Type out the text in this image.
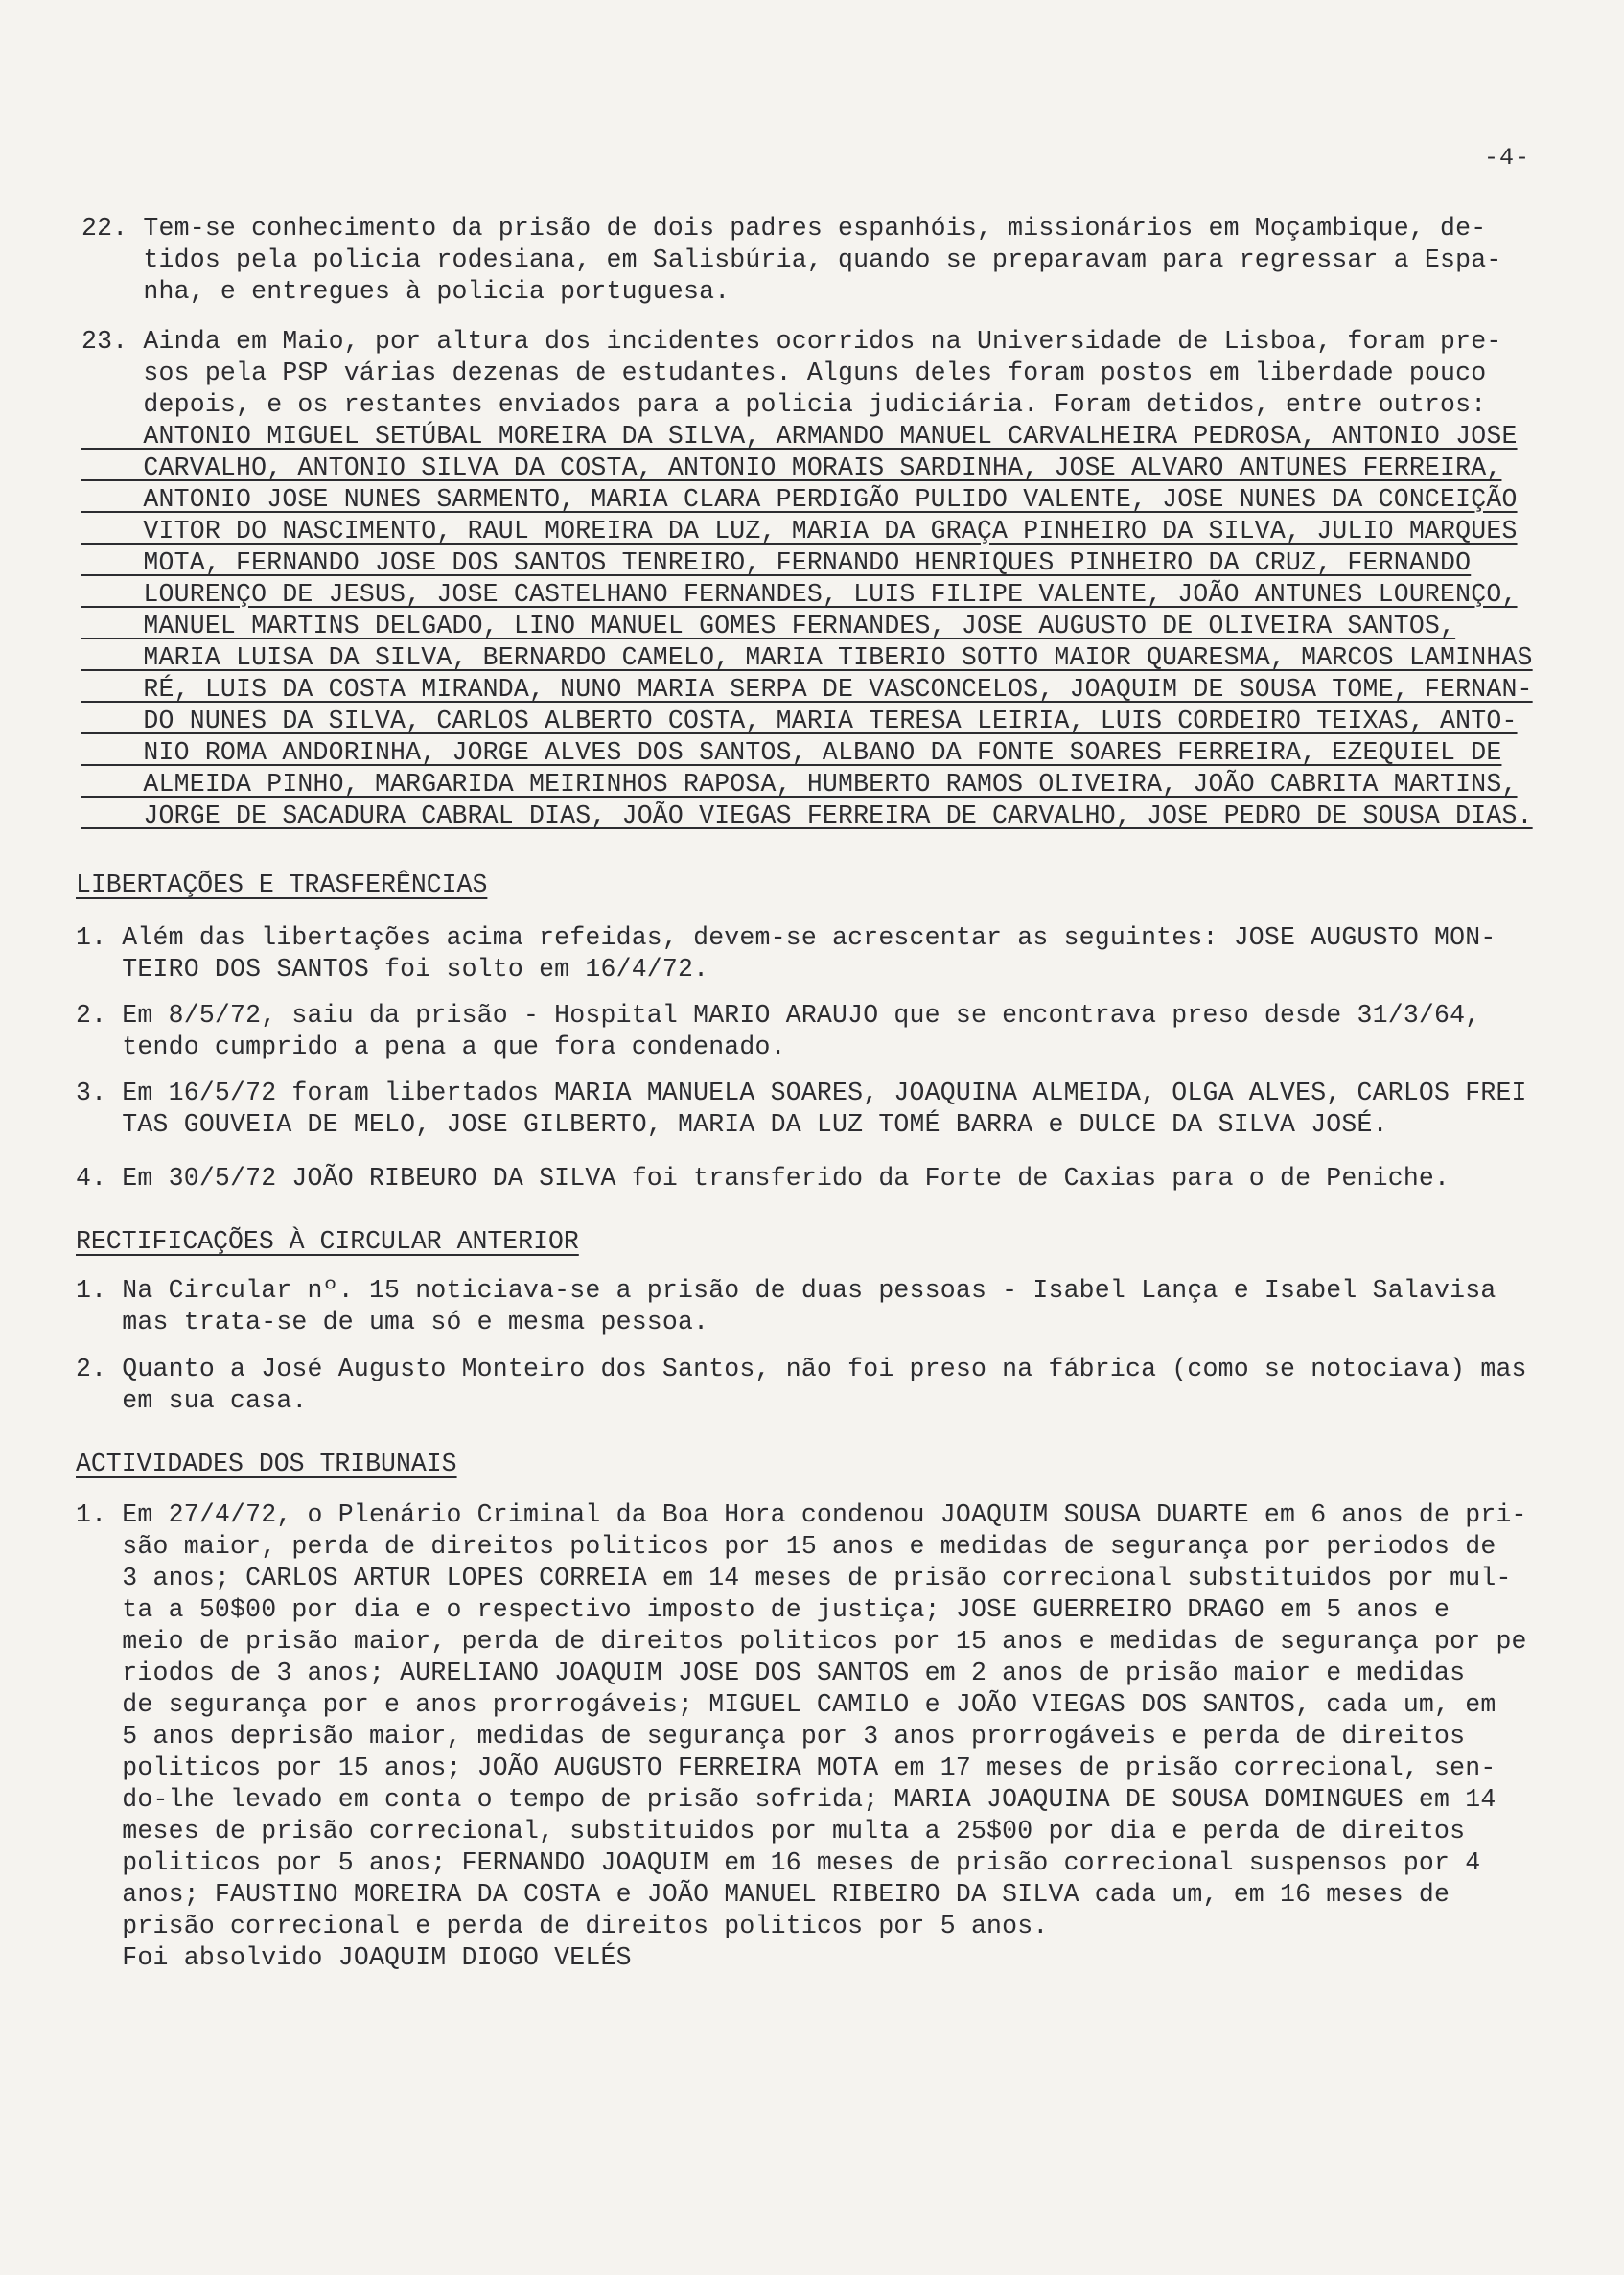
-4-
22. Tem-se conhecimento da prisão de dois padres espanhóis, missionários em Moçambique, de-
tidos pela policia rodesiana, em Salisbúria, quando se preparavam para regressar a Espa-
nha, e entregues à policia portuguesa.
23. Ainda em Maio, por altura dos incidentes ocorridos na Universidade de Lisboa, foram pre-
sos pela PSP várias dezenas de estudantes. Alguns deles foram postos em liberdade pouco
depois, e os restantes enviados para a policia judiciária. Foram detidos, entre outros:
ANTONIO MIGUEL SETÚBAL MOREIRA DA SILVA, ARMANDO MANUEL CARVALHEIRA PEDROSA, ANTONIO JOSE
CARVALHO, ANTONIO SILVA DA COSTA, ANTONIO MORAIS SARDINHA, JOSE ALVARO ANTUNES FERREIRA,
ANTONIO JOSE NUNES SARMENTO, MARIA CLARA PERDIGÃO PULIDO VALENTE, JOSE NUNES DA CONCEIÇÃO
VITOR DO NASCIMENTO, RAUL MOREIRA DA LUZ, MARIA DA GRAÇA PINHEIRO DA SILVA, JULIO MARQUES
MOTA, FERNANDO JOSE DOS SANTOS TENREIRO, FERNANDO HENRIQUES PINHEIRO DA CRUZ, FERNANDO
LOURENÇO DE JESUS, JOSE CASTELHANO FERNANDES, LUIS FILIPE VALENTE, JOÃO ANTUNES LOURENÇO,
MANUEL MARTINS DELGADO, LINO MANUEL GOMES FERNANDES, JOSE AUGUSTO DE OLIVEIRA SANTOS,
MARIA LUISA DA SILVA, BERNARDO CAMELO, MARIA TIBERIO SOTTO MAIOR QUARESMA, MARCOS LAMINHAS
RÉ, LUIS DA COSTA MIRANDA, NUNO MARIA SERPA DE VASCONCELOS, JOAQUIM DE SOUSA TOME, FERNAN-
DO NUNES DA SILVA, CARLOS ALBERTO COSTA, MARIA TERESA LEIRIA, LUIS CORDEIRO TEIXAS, ANTO-
NIO ROMA ANDORINHA, JORGE ALVES DOS SANTOS, ALBANO DA FONTE SOARES FERREIRA, EZEQUIEL DE
ALMEIDA PINHO, MARGARIDA MEIRINHOS RAPOSA, HUMBERTO RAMOS OLIVEIRA, JOÃO CABRITA MARTINS,
JORGE DE SACADURA CABRAL DIAS, JOÃO VIEGAS FERREIRA DE CARVALHO, JOSE PEDRO DE SOUSA DIAS.
LIBERTAÇÕES E TRASFERÊNCIAS
1. Além das libertações acima refeidas, devem-se acrescentar as seguintes: JOSE AUGUSTO MON-
TEIRO DOS SANTOS foi solto em 16/4/72.
2. Em 8/5/72, saiu da prisão - Hospital MARIO ARAUJO que se encontrava preso desde 31/3/64,
tendo cumprido a pena a que fora condenado.
3. Em 16/5/72 foram libertados MARIA MANUELA SOARES, JOAQUINA ALMEIDA, OLGA ALVES, CARLOS FREI
TAS GOUVEIA DE MELO, JOSE GILBERTO, MARIA DA LUZ TOMÉ BARRA e DULCE DA SILVA JOSÉ.
4. Em 30/5/72 JOÃO RIBEURO DA SILVA foi transferido da Forte de Caxias para o de Peniche.
RECTIFICAÇÕES À CIRCULAR ANTERIOR
1. Na Circular nº. 15 noticiava-se a prisão de duas pessoas - Isabel Lança e Isabel Salavisa
mas trata-se de uma só e mesma pessoa.
2. Quanto a José Augusto Monteiro dos Santos, não foi preso na fábrica (como se notociava) mas
em sua casa.
ACTIVIDADES DOS TRIBUNAIS
1. Em 27/4/72, o Plenário Criminal da Boa Hora condenou JOAQUIM SOUSA DUARTE em 6 anos de pri-
são maior, perda de direitos politicos por 15 anos e medidas de segurança por periodos de
3 anos; CARLOS ARTUR LOPES CORREIA em 14 meses de prisão correcional substituidos por mul-
ta a 50$00 por dia e o respectivo imposto de justiça; JOSE GUERREIRO DRAGO em 5 anos e
meio de prisão maior, perda de direitos politicos por 15 anos e medidas de segurança por pe
riodos de 3 anos; AURELIANO JOAQUIM JOSE DOS SANTOS em 2 anos de prisão maior e medidas
de segurança por e anos prorrogáveis; MIGUEL CAMILO e JOÃO VIEGAS DOS SANTOS, cada um, em
5 anos deprisão maior, medidas de segurança por 3 anos prorrogáveis e perda de direitos
politicos por 15 anos; JOÃO AUGUSTO FERREIRA MOTA em 17 meses de prisão correcional, sen-
do-lhe levado em conta o tempo de prisão sofrida; MARIA JOAQUINA DE SOUSA DOMINGUES em 14
meses de prisão correcional, substituidos por multa a 25$00 por dia e perda de direitos
politicos por 5 anos; FERNANDO JOAQUIM em 16 meses de prisão correcional suspensos por 4
anos; FAUSTINO MOREIRA DA COSTA e JOÃO MANUEL RIBEIRO DA SILVA cada um, em 16 meses de
prisão correcional e perda de direitos politicos por 5 anos.
Foi absolvido JOAQUIM DIOGO VELÉS
